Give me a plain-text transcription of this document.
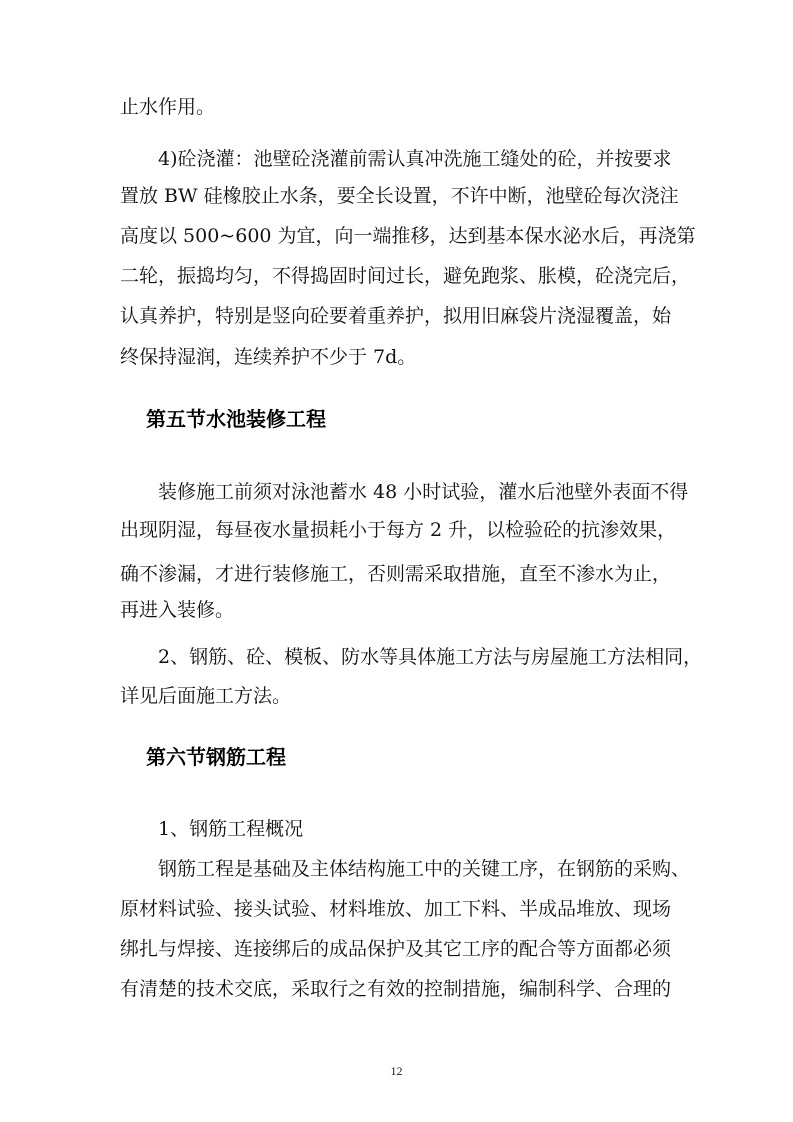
止水作用。
4)砼浇灌：池壁砼浇灌前需认真冲洗施工缝处的砼，并按要求
置放 BW 硅橡胶止水条，要全长设置，不许中断，池壁砼每次浇注
高度以 500~600 为宜，向一端推移，达到基本保水泌水后，再浇第
二轮，振捣均匀，不得捣固时间过长，避免跑浆、胀模，砼浇完后，
认真养护，特别是竖向砼要着重养护，拟用旧麻袋片浇湿覆盖，始
终保持湿润，连续养护不少于 7d。
第五节水池装修工程
装修施工前须对泳池蓄水 48 小时试验，灌水后池壁外表面不得
出现阴湿，每昼夜水量损耗小于每方 2 升，以检验砼的抗渗效果，
确不渗漏，才进行装修施工，否则需采取措施，直至不渗水为止，
再进入装修。
2、钢筋、砼、模板、防水等具体施工方法与房屋施工方法相同，
详见后面施工方法。
第六节钢筋工程
1、钢筋工程概况
钢筋工程是基础及主体结构施工中的关键工序，在钢筋的采购、
原材料试验、接头试验、材料堆放、加工下料、半成品堆放、现场
绑扎与焊接、连接绑后的成品保护及其它工序的配合等方面都必须
有清楚的技术交底，采取行之有效的控制措施，编制科学、合理的
12
